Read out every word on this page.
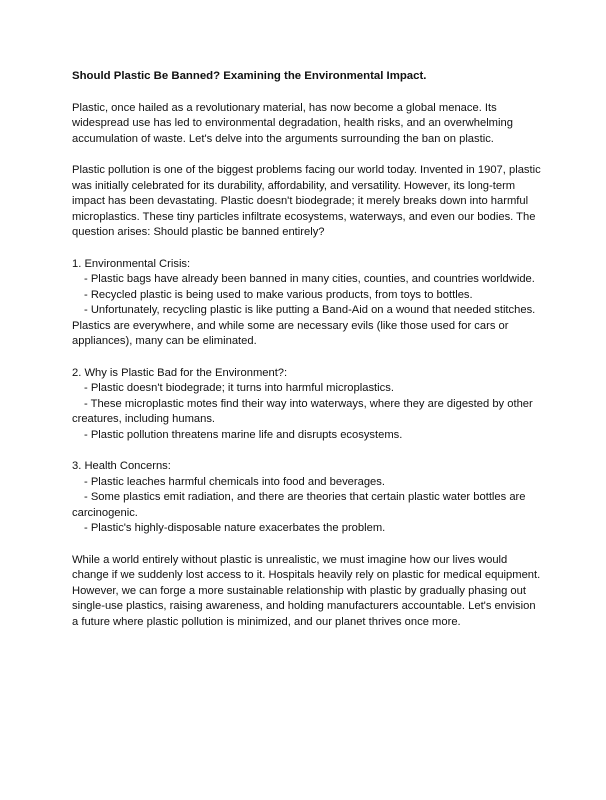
Should Plastic Be Banned? Examining the Environmental Impact.

Plastic, once hailed as a revolutionary material, has now become a global menace. Its widespread use has led to environmental degradation, health risks, and an overwhelming accumulation of waste. Let's delve into the arguments surrounding the ban on plastic.

Plastic pollution is one of the biggest problems facing our world today. Invented in 1907, plastic was initially celebrated for its durability, affordability, and versatility. However, its long-term impact has been devastating. Plastic doesn't biodegrade; it merely breaks down into harmful microplastics. These tiny particles infiltrate ecosystems, waterways, and even our bodies. The question arises: Should plastic be banned entirely?

1. Environmental Crisis:
- Plastic bags have already been banned in many cities, counties, and countries worldwide.
- Recycled plastic is being used to make various products, from toys to bottles.
- Unfortunately, recycling plastic is like putting a Band-Aid on a wound that needed stitches. Plastics are everywhere, and while some are necessary evils (like those used for cars or appliances), many can be eliminated.
2. Why is Plastic Bad for the Environment?:
- Plastic doesn't biodegrade; it turns into harmful microplastics.
- These microplastic motes find their way into waterways, where they are digested by other creatures, including humans.
- Plastic pollution threatens marine life and disrupts ecosystems.
3. Health Concerns:
- Plastic leaches harmful chemicals into food and beverages.
- Some plastics emit radiation, and there are theories that certain plastic water bottles are carcinogenic.
- Plastic's highly-disposable nature exacerbates the problem.

While a world entirely without plastic is unrealistic, we must imagine how our lives would change if we suddenly lost access to it. Hospitals heavily rely on plastic for medical equipment. However, we can forge a more sustainable relationship with plastic by gradually phasing out single-use plastics, raising awareness, and holding manufacturers accountable. Let's envision a future where plastic pollution is minimized, and our planet thrives once more.
